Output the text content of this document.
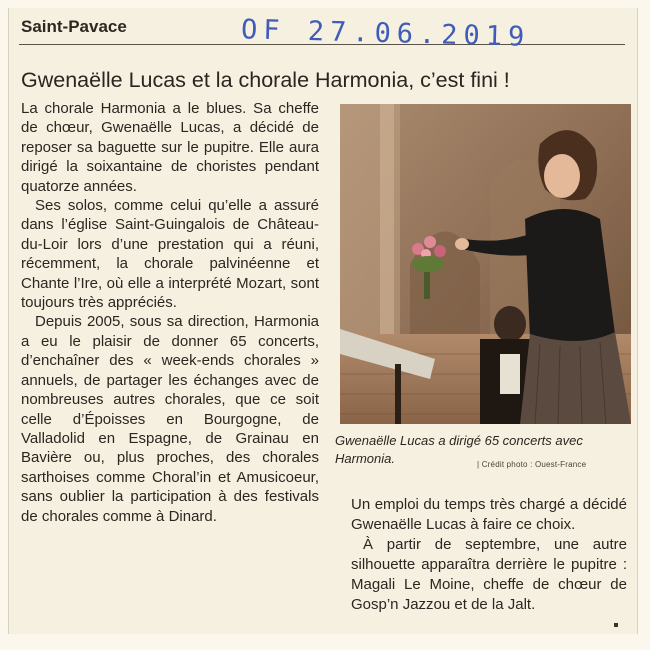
Saint-Pavace	OF 27.06.2019
Gwenaëlle Lucas et la chorale Harmonia, c’est fini !

La chorale Harmonia a le blues. Sa cheffe de chœur, Gwenaëlle Lucas, a décidé de reposer sa baguette sur le pupitre. Elle aura dirigé la soixantaine de choristes pendant quatorze années.

Ses solos, comme celui qu’elle a assuré dans l’église Saint-Guingalois de Château-du-Loir lors d’une prestation qui a réuni, récemment, la chorale palvinéenne et Chante l’Ire, où elle a interprété Mozart, sont toujours très appréciés.

Depuis 2005, sous sa direction, Harmonia a eu le plaisir de donner 65 concerts, d’enchaîner des « week-ends chorales » annuels, de partager les échanges avec de nombreuses autres chorales, que ce soit celle d’Époisses en Bourgogne, de Valladolid en Espagne, de Grainau en Bavière ou, plus proches, des chorales sarthoises comme Choral’in et Amusicoeur, sans oublier la participation à des festivals de chorales comme à Dinard.

Gwenaëlle Lucas a dirigé 65 concerts avec Harmonia.	| Crédit photo : Ouest-France

Un emploi du temps très chargé a décidé Gwenaëlle Lucas à faire ce choix.

À partir de septembre, une autre silhouette apparaîtra derrière le pupitre : Magali Le Moine, cheffe de chœur de Gosp’n Jazzou et de la Jalt.
